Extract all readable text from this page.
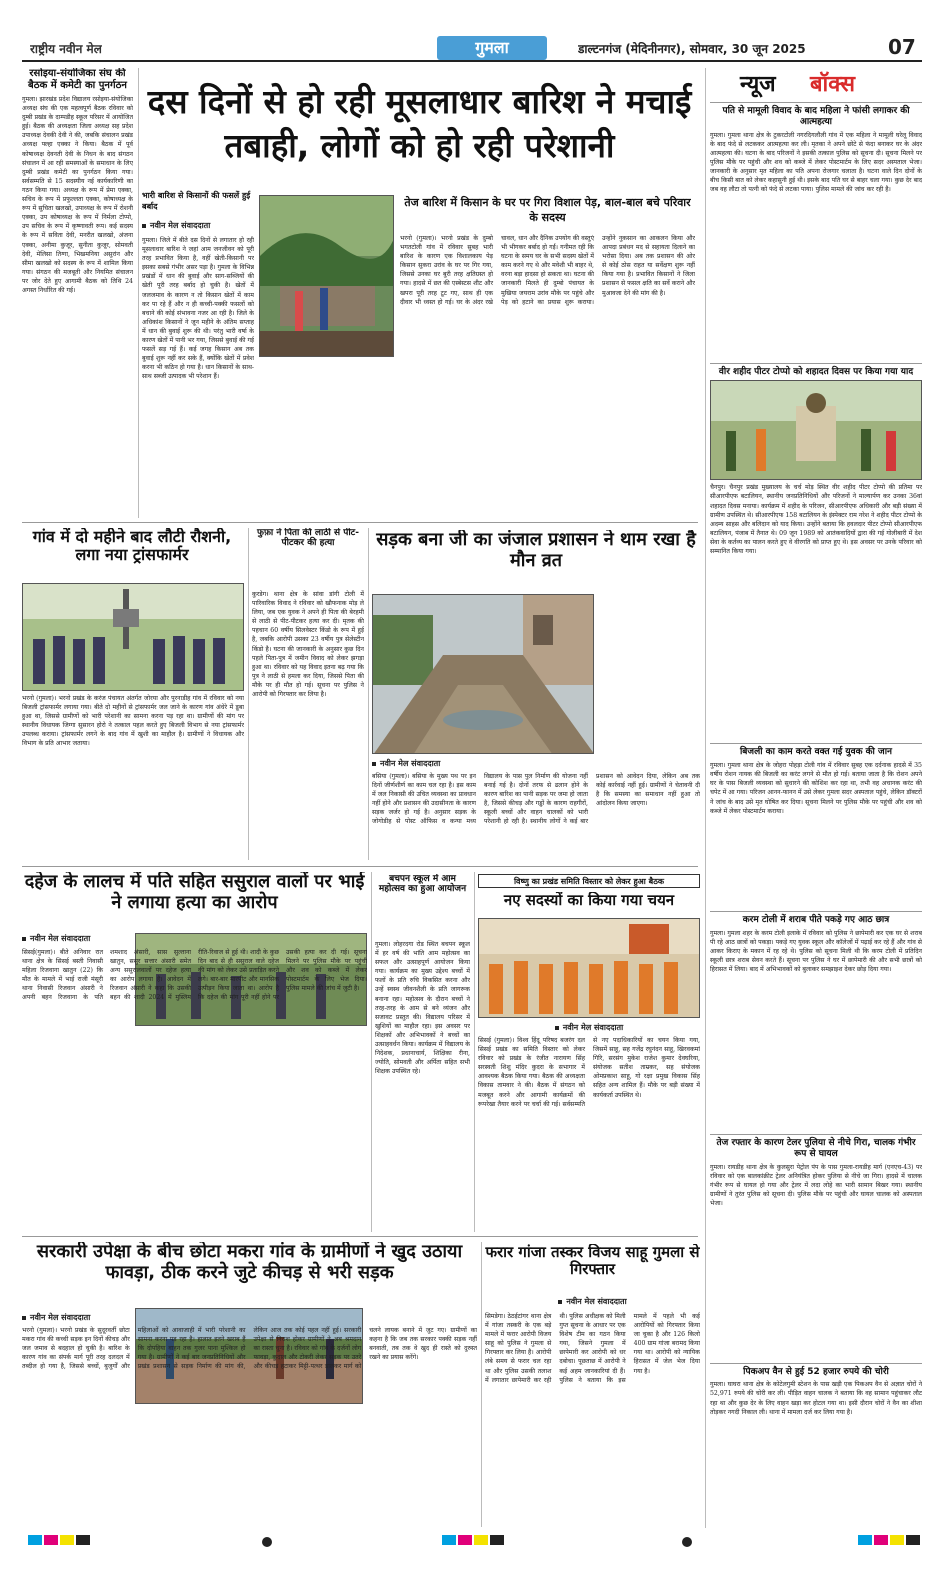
राष्ट्रीय नवीन मेल	गुमला	डाल्टनगंज (मेदिनीनगर), सोमवार, 30 जून 2025	07
रसोइया-संयोजिका संघ की बैठक में कमेटी का पुनर्गठन
गुमला। झारखंड प्रदेश विद्यालय रसोइया-संयोजिका अध्यक्ष संघ की एक महत्वपूर्ण बैठक रविवार को दुम्बी प्रखंड के दाम्पडीह स्कूल परिसर में आयोजित हुई। बैठक की अध्यक्षता जिला अध्यक्ष सह प्रदेश उपाध्यक्ष देवकी देवी ने की, जबकि संचालन प्रखंड अध्यक्ष फ्ल्हा एक्का ने किया। बैठक में पूर्व कोषाध्यक्ष देवनती देवी के निधन के बाद संगठन संचालन में आ रही समस्याओं के समाधान के लिए दुम्बी प्रखंड कमेटी का पुनर्गठन किया गया। सर्वसम्मति से 15 सदस्यीय नई कार्यकारिणी का गठन किया गया। अध्यक्ष के रूप में प्रेमा एक्का, सचिव के रूप में प्रफुल्लता एक्का, कोषाध्यक्ष के रूप में सुचिता खलखो, उपाध्यक्ष के रूप में रोशनी एक्का, उप कोषाध्यक्ष के रूप में निर्मला टोप्पो, उप सचिव के रूप में कृष्णावती रूप। कई सदस्य के रूप में सविता देवी, मनरीत खलखो, अंजना एक्का, अनीमा कुजूर, सुनीता कुजूर, सोमवती देवी, मेलिसा तिग्गा, भिखमनिया असुरांन और सीमा खलखो को सदस्य के रूप में शामिल किया गया। संगठन की मजबूती और नियमित संचालन पर जोर देते हुए आगामी बैठक को तिथि 24 अगस्त निर्धारित की गई।
दस दिनों से हो रही मूसलाधार बारिश ने मचाई तबाही, लोगों को हो रही परेशानी
भारी बारिश से किसानों की फसलें हुई बर्बाद
नवीन मेल संवाददाता
गुमला। जिले में बीते दस दिनों से लगातार हो रही मूसलाधार बारिश ने जहां आम जनजीवन को पूरी तरह प्रभावित किया है, वहीं खेती-किसानी पर इसका सबसे गंभीर असर पड़ा है। गुमला के विभिन्न प्रखंडों में धान की बुवाई और साग-सब्जियों की खेती पूरी तरह बर्बाद हो चुकी है। खेतों में जलजमाव के कारण न तो किसान खेतों में काम कर पा रहे हैं और न ही कच्ची-पक्की फसलों को बचाने की कोई संभावना नजर आ रही है। जिले के अधिकांश किसानों ने जून महीने के अंतिम सप्ताह में धान की बुवाई शुरू की थी। परंतु भारी वर्षा के कारण खेतों में पानी भर गया, जिससे बुवाई की गई फसलें सड़ गई हैं। कई जगह किसान अब तक बुवाई शुरू नहीं कर सके हैं, क्योंकि खेतों में प्रवेश करना भी कठिन हो गया है। धान किसानों के साथ-साथ सब्जी उत्पादक भी परेशान हैं।
तेज बारिश में किसान के घर पर गिरा विशाल पेड़, बाल-बाल बचे परिवार के सदस्य
भरनो (गुमला)। भरनो प्रखंड के दुम्बो भगतटोली गांव में रविवार सुबह भारी बारिश के कारण एक विशालकाय पेड़ किसान सुकरा उरांव के घर पर गिर गया, जिससे उनका घर बुरी तरह क्षतिग्रस्त हो गया। हादसे में छत की एस्बेस्टस शीट और खपरा पूरी तरह टूट गए, साथ ही एक दीवार भी ध्वस्त हो गई। घर के अंदर रखे चावल, धान और दैनिक उपयोग की वस्तुएं भी भीगकर बर्बाद हो गईं। गनीमत रही कि घटना के समय घर के सभी सदस्य खेतों में काम करने गए थे और मवेशी भी बाहर थे, वरना बड़ा हादसा हो सकता था। घटना की जानकारी मिलते ही दुम्बो पंचायत के मुखिया जयराम उरांव मौके पर पहुंचे और पेड़ को हटाने का प्रयास शुरू कराया। उन्होंने नुकसान का आकलन किया और आपदा प्रबंधन मद से सहायता दिलाने का भरोसा दिया। अब तक प्रशासन की ओर से कोई ठोस राहत या सर्वेक्षण शुरू नहीं किया गया है। प्रभावित किसानों ने जिला प्रशासन से फसल क्षति का सर्वे कराने और मुआवजा देने की मांग की है।
न्यूज बॉक्स
पति से मामूली विवाद के बाद महिला ने फांसी लगाकर की आत्महत्या
गुमला। गुमला थाना क्षेत्र के टुकरटोली नगरदिगलौली गांव में एक महिला ने मामूली घरेलू विवाद के बाद फंदे से लटककर आत्महत्या कर ली। मृतका ने अपने छोटे से फंदा बनाकर घर के अंदर आत्महत्या की। घटना के बाद परिजनों ने इसकी तत्काल पुलिस को सूचना दी। सूचना मिलने पर पुलिस मौके पर पहुंची और शव को कब्जे में लेकर पोस्टमार्टम के लिए सदर अस्पताल भेजा। जानकारी के अनुसार मृत महिला का पति अपना रोजगार चलाता है। घटना वाले दिन दोनों के बीच किसी बात को लेकर कहासुनी हुई थी। इसके बाद पति घर से बाहर चला गया। कुछ देर बाद जब वह लौटा तो पत्नी को फंदे से लटका पाया। पुलिस मामले की जांच कर रही है।
वीर शहीद पीटर टोप्पो को शहादत दिवस पर किया गया याद
चैनपुर। चैनपुर प्रखंड मुख्यालय के चर्च मोड़ स्थित वीर शहीद पीटर टोप्पो की प्रतिमा पर सीआरपीएफ बटालियन, स्थानीय जनप्रतिनिधियों और परिजनों ने माल्यार्पण कर उनका 36वां शहादत दिवस मनाया। कार्यक्रम में शहीद के परिजन, सीआरपीएफ अधिकारी और बड़ी संख्या में ग्रामीण उपस्थित थे। सीआरपीएफ 158 बटालियन के इंस्पेक्टर राम नरेश ने शहीद पीटर टोप्पो के अदम्य साहस और बलिदान को याद किया। उन्होंने बताया कि हवलदार पीटर टोप्पो सीआरपीएफ बटालियन, पंजाब में तैनात थे। 09 जून 1989 को आतंकवादियों द्वारा की गई गोलीबारी में देश सेवा के कर्तव्य का पालन करते हुए वे वीरगति को प्राप्त हुए थे। इस अवसर पर उनके परिवार को सम्मानित किया गया।
बिजली का काम करते वक्त गई युवक की जान
गुमला। गुमला थाना क्षेत्र के जोहरा पोहड़ा टोली गांव में रविवार सुबह एक दर्दनाक हादसे में 35 वर्षीय रोशन नायक की बिजली का करंट लगने से मौत हो गई। बताया जाता है कि रोशन अपने घर के पास बिजली व्यवस्था को सुधारने की कोशिश कर रहा था, तभी वह अचानक करंट की चपेट में आ गया। परिजन आनन-फानन में उसे लेकर गुमला सदर अस्पताल पहुंचे, लेकिन डॉक्टरों ने जांच के बाद उसे मृत घोषित कर दिया। सूचना मिलने पर पुलिस मौके पर पहुंची और शव को कब्जे में लेकर पोस्टमार्टम कराया।
करम टोली में शराब पीते पकड़े गए आठ छात्र
गुमला। गुमला शहर के करम टोली इलाके में रविवार को पुलिस ने छापेमारी कर एक घर से शराब पी रहे आठ छात्रों को पकड़ा। पकड़े गए युवक स्कूल और कॉलेजों में पढ़ाई कर रहे हैं और गांव से आकर किराए के मकान में रह रहे थे। पुलिस को सूचना मिली थी कि करम टोली में प्रतिदिन स्कूली छात्र शराब सेवन करते हैं। सूचना पर पुलिस ने घर में छापेमारी की और सभी छात्रों को हिरासत में लिया। बाद में अभिभावकों को बुलाकर समझाइश देकर छोड़ दिया गया।
तेज रफ्तार के कारण टेलर पुलिया से नीचे गिरा, चालक गंभीर रूप से घायल
गुमला। रायडीह थाना क्षेत्र के कुलसुरा पेट्रोल पंप के पास गुमला-रायडीह मार्ग (एनएच-43) पर रविवार को एक बालकांक्रीट ट्रेलर अनियंत्रित होकर पुलिया से नीचे जा गिरा। हादसे में चालक गंभीर रूप से घायल हो गया और ट्रेलर में लदा लोहे का भारी सामान बिखर गया। स्थानीय ग्रामीणों ने तुरंत पुलिस को सूचना दी। पुलिस मौके पर पहुंची और घायल चालक को अस्पताल भेजा।
पिकअप वैन से हुई 52 हजार रुपये की चोरी
गुमला। घाघरा थाना क्षेत्र के कोटेलगुमी स्टेशन के पास खड़ी एक पिकअप वैन से अज्ञात चोरों ने 52,971 रुपये की चोरी कर ली। पीड़ित वाहन चालक ने बताया कि वह सामान पहुंचाकर लौट रहा था और कुछ देर के लिए वाहन खड़ा कर होटल गया था। इसी दौरान चोरों ने वैन का शीशा तोड़कर नगदी निकाल ली। थाना में मामला दर्ज कर लिया गया है।
गांव में दो महीने बाद लौटी रौशनी, लगा नया ट्रांसफार्मर
भरनो (गुमला)। भरनो प्रखंड के करंज पंचायत अंतर्गत जोरया और पुरनाडीह गांव में रविवार को नया बिजली ट्रांसफार्मर लगाया गया। बीते दो महीनों से ट्रांसफार्मर जल जाने के कारण गांव अंधेरे में डूबा हुआ था, जिससे ग्रामीणों को भारी परेशानी का सामना करना पड़ रहा था। ग्रामीणों की मांग पर स्थानीय विधायक जिग्गा सुसारन होरो ने तत्काल पहल करते हुए बिजली विभाग से नया ट्रांसफार्मर उपलब्ध कराया। ट्रांसफार्मर लगने के बाद गांव में खुशी का माहौल है। ग्रामीणों ने विधायक और विभाग के प्रति आभार जताया।
फुफ़ा ने पिता की लाठी से पीट-पीटकर की हत्या
कुरडेग। थाना क्षेत्र के सांवा डांगी टोली में पारिवारिक विवाद ने रविवार को खौफनाक मोड़ ले लिया, जब एक युवक ने अपने ही पिता की बेरहमी से लाठी से पीट-पीटकर हत्या कर दी। मृतक की पहचान 60 वर्षीय सिलवेस्टर किंडो के रूप में हुई है, जबकि आरोपी उसका 23 वर्षीय पुत्र सेलेस्टीन किंडो है। घटना की जानकारी के अनुसार कुछ दिन पहले पिता-पुत्र में जमीन विवाद को लेकर झगड़ा हुआ था। रविवार को यह विवाद इतना बढ़ गया कि पुत्र ने लाठी से हमला कर दिया, जिससे पिता की मौके पर ही मौत हो गई। सूचना पर पुलिस ने आरोपी को गिरफ्तार कर लिया है।
सड़क बना जी का जंजाल प्रशासन ने थाम रखा है मौन व्रत
नवीन मेल संवाददाता
बसिया (गुमला)। बसिया के मुख्य पथ पर इन दिनों जीर्णशीर्ण का काम चल रहा है। इस काम में जल निकासी की उचित व्यवस्था का प्रावधान नहीं होने और प्रशासन की उदासीनता के कारण सड़क जर्जर हो गई है। अनुसार सड़क के जोगोडीह से पोस्ट ऑफिस व कन्या मध्य विद्यालय के पास पुल निर्माण की योजना नहीं बनाई गई है। दोनों तरफ से ढलान होने के कारण बारिश का पानी सड़क पर जमा हो जाता है, जिससे कीचड़ और गड्ढों के कारण राहगीरों, स्कूली बच्चों और वाहन चालकों को भारी परेशानी हो रही है। स्थानीय लोगों ने कई बार प्रशासन को आवेदन दिया, लेकिन अब तक कोई कार्रवाई नहीं हुई। ग्रामीणों ने चेतावनी दी है कि समस्या का समाधान नहीं हुआ तो आंदोलन किया जाएगा।
दहेज के लालच में पति सहित ससुराल वालों पर भाई ने लगाया हत्या का आरोप
नवीन मेल संवाददाता
सिसई(गुमला)। बीते अनिवार रात थाना क्षेत्र के सिसई बस्ती निवासी महिला रिजवाना खातुन (22) कि मौत के मामले में भाई राजी मंसूरी थाना निवासी रिजवान अंसारी ने अपनी बहन रिजवाना के पति शमशाद अंसारी, सास सुल्ताना खातुन, ससुर सत्तार अंसारी समेत अन्य ससुरालवालों पर दहेज हत्या का आरोप लगाया है। आवेदन में रिजवान अंसारी ने कहा कि उसकी बहन की शादी 2024 में मुस्लिम रीति-रिवाज से हुई थी। शादी के कुछ दिन बाद से ही ससुराल वाले दहेज की मांग को लेकर उसे प्रताड़ित करने लगे। बार-बार मारपीट और मानसिक उत्पीड़न किया जाता था। आरोप है कि दहेज की मांग पूरी नहीं होने पर उसकी हत्या कर दी गई। सूचना मिलने पर पुलिस मौके पर पहुंची और शव को कब्जे में लेकर पोस्टमार्टम के लिए भेज दिया। पुलिस मामले की जांच में जुटी है।
बचपन स्कूल में आम महोत्सव का हुआ आयोजन
गुमला। लोहरदगा रोड स्थित बचपन स्कूल में हर वर्ष की भांति आम महोत्सव का सफल और उत्साहपूर्ण आयोजन किया गया। कार्यक्रम का मुख्य उद्देश्य बच्चों में फलों के प्रति रुचि विकसित करना और उन्हें स्वस्थ जीवनशैली के प्रति जागरूक बनाना रहा। महोत्सव के दौरान बच्चों ने तरह-तरह के आम से बने व्यंजन और सजावट प्रस्तुत की। विद्यालय परिसर में खुशियों का माहौल रहा। इस अवसर पर शिक्षकों और अभिभावकों ने बच्चों का उत्साहवर्धन किया। कार्यक्रम में विद्यालय के निदेशक, प्रधानाचार्य, शिक्षिका रीना, ज्योति, सोमवती और अर्पिता सहित सभी शिक्षक उपस्थित रहे।
विष्णु का प्रखंड समिति विस्तार को लेकर हुआ बैठक
नए सदस्यों का किया गया चयन
नवीन मेल संवाददाता
सिसई (गुमला)। विश्व हिंदू परिषद बजरंग दल सिसई प्रखंड का समिति विस्तार को लेकर रविवार को प्रखंड के रंजीत नारायण सिंह सरस्वती शिशु मंदिर कुदरा के सभागार में आवश्यक बैठक किया गया। बैठक की अध्यक्षता विकास तामवार ने की। बैठक में संगठन को मजबूत करने और आगामी कार्यक्रमों की रूपरेखा तैयार करने पर चर्चा की गई। सर्वसम्मति से नए पदाधिकारियों का चयन किया गया, जिसमें साहू, सह गजेंद्र रघुनंदन साहू, खिरवकमां गिरि, सरसंग मुकेश राजेश कुमार देवघरिया, संयोजक सतीश ताम्रकर, सह संयोजक ओमप्रकाश साहू, गो रक्षा प्रमुख विकास सिंह सहित अन्य शामिल हैं। मौके पर बड़ी संख्या में कार्यकर्ता उपस्थित थे।
सरकारी उपेक्षा के बीच छोटा मकरा गांव के ग्रामीणों ने खुद उठाया फावड़ा, ठीक करने जुटे कीचड़ से भरी सड़क
नवीन मेल संवाददाता
भरनो (गुमला)। भरनो प्रखंड के सुदूरवर्ती छोटा मकरा गांव की कच्ची सड़क इन दिनों कीचड़ और जल जमाव से बदहाल हो चुकी है। बारिश के कारण गांव का संपर्क मार्ग पूरी तरह दलदल में तब्दील हो गया है, जिससे बच्चों, बुजुर्गों और महिलाओं को आवाजाही में भारी परेशानी का सामना करना पड़ रहा है। हालात इतने खराब हैं कि दोपहिया वाहन तक गुजर पाना मुश्किल हो गया है। ग्रामीणों ने कई बार जनप्रतिनिधियों और प्रखंड प्रशासन से सड़क निर्माण की मांग की, लेकिन आज तक कोई पहल नहीं हुई। सरकारी उपेक्षा से निराश होकर ग्रामीणों ने अब श्रमदान का रास्ता चुना है। रविवार को गांव के दर्जनों लोग फावड़ा, कुदाल और टोकरी लेकर सड़क पर उतरे और कीचड़ हटाकर मिट्टी-पत्थर डालकर मार्ग को चलने लायक बनाने में जुट गए। ग्रामीणों का कहना है कि जब तक सरकार पक्की सड़क नहीं बनवाती, तब तक वे खुद ही रास्ते को दुरुस्त रखने का प्रयास करेंगे।
फरार गांजा तस्कर विजय साहू गुमला से गिरफ्तार
नवीन मेल संवाददाता
सिमडेगा। ठेठईटांगर थाना क्षेत्र में गांजा तस्करी के एक बड़े मामले में फरार आरोपी विजय साहू को पुलिस ने गुमला से गिरफ्तार कर लिया है। आरोपी लंबे समय से फरार चल रहा था और पुलिस उसकी तलाश में लगातार छापेमारी कर रही थी। पुलिस अधीक्षक को मिली गुप्त सूचना के आधार पर एक विशेष टीम का गठन किया गया, जिसने गुमला में छापेमारी कर आरोपी को धर दबोचा। पूछताछ में आरोपी ने कई अहम जानकारियां दी हैं। पुलिस ने बताया कि इस मामले में पहले भी कई आरोपियों को गिरफ्तार किया जा चुका है और 126 किलो 400 ग्राम गांजा बरामद किया गया था। आरोपी को न्यायिक हिरासत में जेल भेज दिया गया है।
